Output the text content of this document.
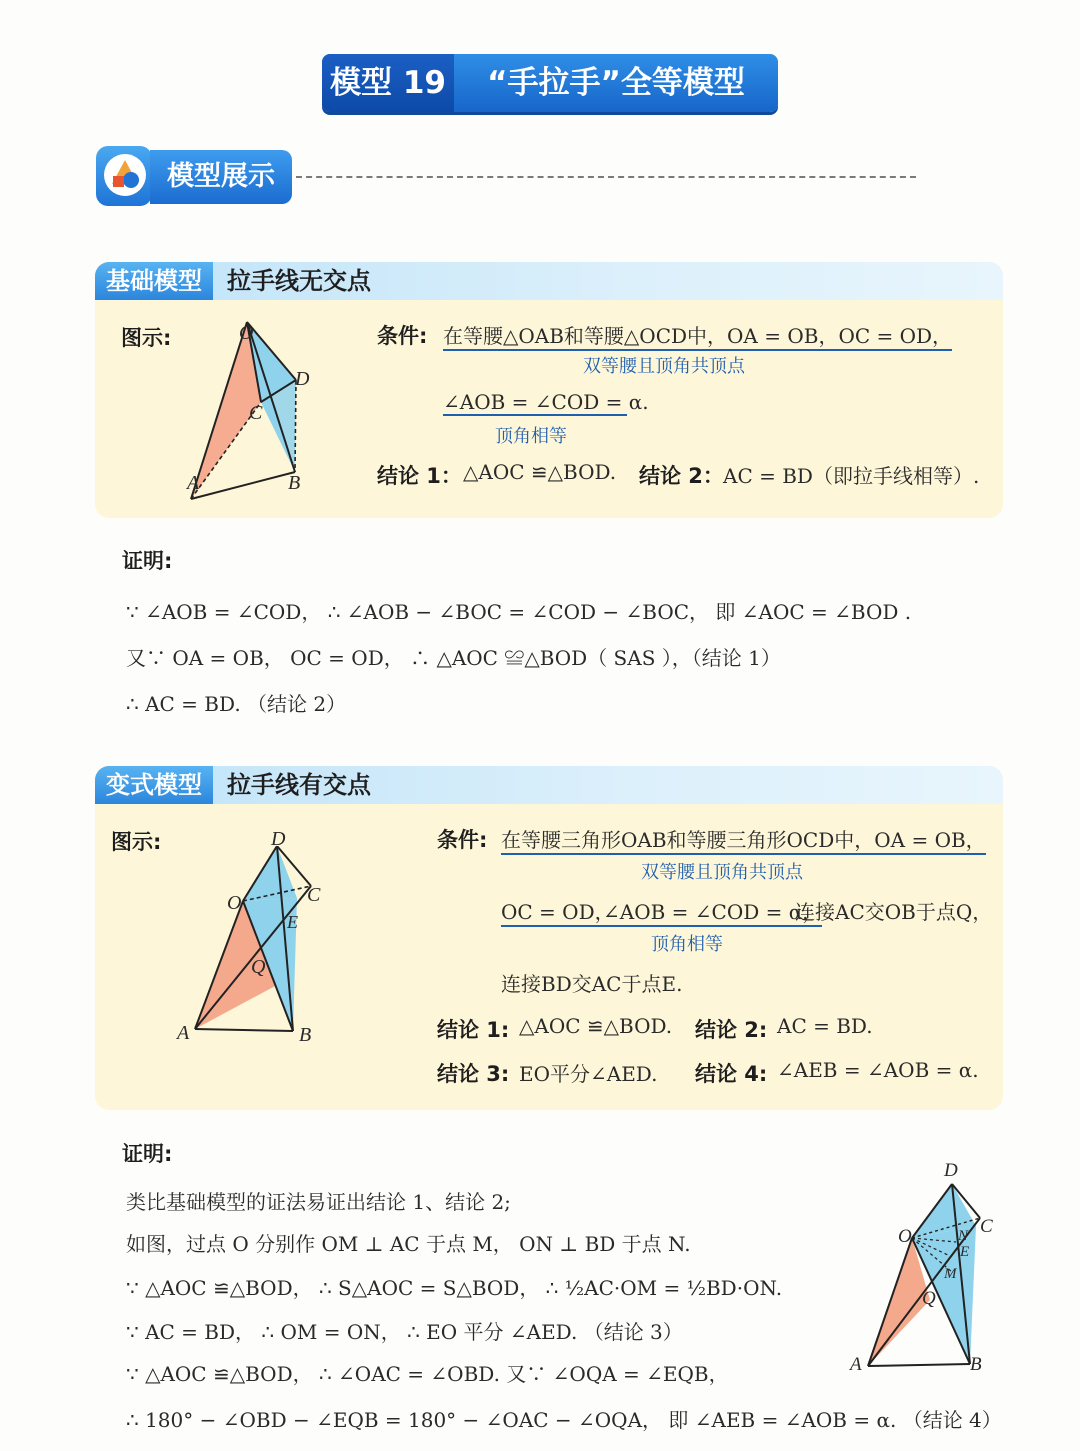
模型 19	“手拉手”全等模型
模型展示
基础模型	拉手线无交点
图示:	O
D
C
A	B
条件: 在等腰△OAB和等腰△OCD中，OA = OB，OC = OD，
双等腰且顶角共顶点
∠AOB = ∠COD = α.
顶角相等
结论 1： △AOC ≌△BOD. 结论 2： AC = BD（即拉手线相等）.
证明:
∵ ∠AOB = ∠COD， ∴ ∠AOB − ∠BOC = ∠COD − ∠BOC， 即 ∠AOC = ∠BOD .
又∵ OA = OB， OC = OD， ∴ △AOC ≌△BOD（ SAS ），（结论 1）
∴ AC = BD. （结论 2）
变式模型	拉手线有交点
图示:	D
C
O
E
Q
A	B
条件: 在等腰三角形OAB和等腰三角形OCD中，OA = OB，
双等腰且顶角共顶点
OC = OD，
∠AOB = ∠COD = α，
连接AC交OB于点Q，
顶角相等
连接BD交AC于点E.
结论 1: △AOC ≌△BOD. 结论 2: AC = BD.
结论 3: EO平分∠AED. 结论 4: ∠AEB = ∠AOB = α.
证明:
类比基础模型的证法易证出结论 1、结论 2;
如图，过点 O 分别作 OM ⊥ AC 于点 M， ON ⊥ BD 于点 N.
∵ △AOC ≌△BOD， ∴ S△AOC = S△BOD， ∴ ½AC·OM = ½BD·ON.
∵ AC = BD， ∴ OM = ON， ∴ EO 平分 ∠AED. （结论 3）
∵ △AOC ≌△BOD， ∴ ∠OAC = ∠OBD. 又∵ ∠OQA = ∠EQB，
∴ 180° − ∠OBD − ∠EQB = 180° − ∠OAC − ∠OQA， 即 ∠AEB = ∠AOB = α. （结论 4）
D
C
O	N
E
M
Q
A	B
